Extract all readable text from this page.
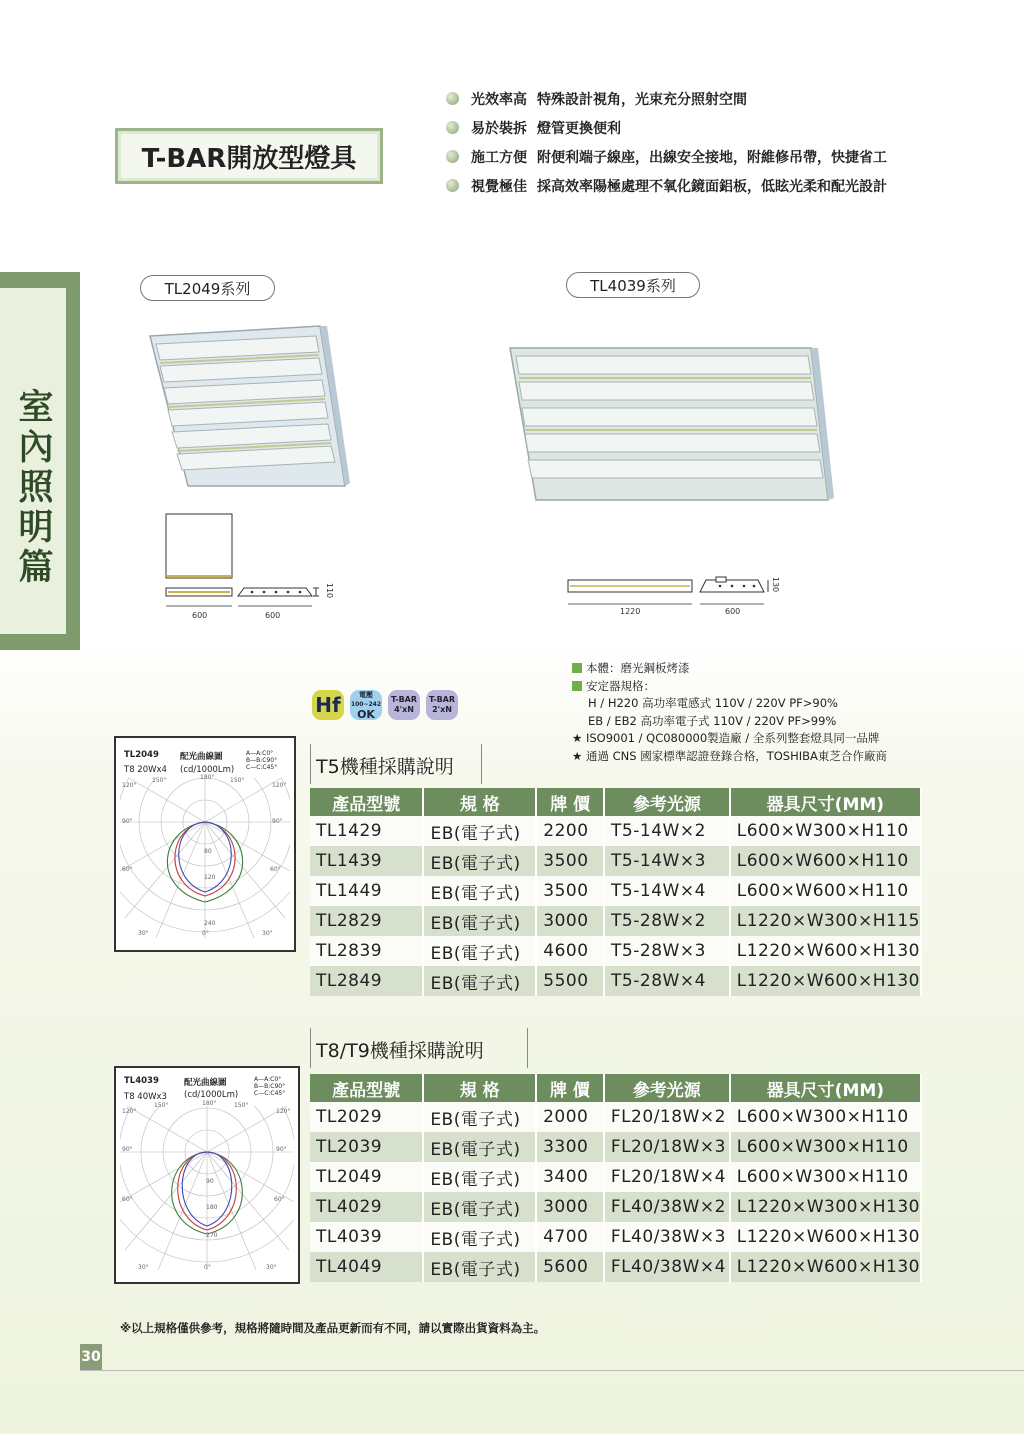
室內照明篇
T-BAR開放型燈具
光效率高 特殊設計視角，光束充分照射空間
易於裝拆 燈管更換便利
施工方便 附便利端子線座，出線安全接地，附維修吊帶，快捷省工
視覺極佳 採高效率陽極處理不氧化鏡面鋁板，低眩光柔和配光設計
TL2049系列	TL4039系列
600	600
110
1220	600
130
本體：磨光鋼板烤漆
安定器規格：
H / H220 高功率電感式 110V / 220V PF>90%
EB / EB2 高功率電子式 110V / 220V PF>99%
★ ISO9001 / QC080000製造廠 / 全系列整套燈具同一品牌
★ 通過 CNS 國家標準認證登錄合格，TOSHIBA東芝合作廠商
Hf	電壓
100~242
OK
T-BAR
4'xN
T-BAR
2'xN
T5機種採購說明
產品型號	規 格	牌 價	參考光源	器具尺寸(MM)
TL1429	EB(電子式)	2200	T5-14W×2	L600×W300×H110
TL1439	EB(電子式)	3500	T5-14W×3	L600×W600×H110
TL1449	EB(電子式)	3500	T5-14W×4	L600×W600×H110
TL2829	EB(電子式)	3000	T5-28W×2	L1220×W300×H115
TL2839	EB(電子式)	4600	T5-28W×3	L1220×W600×H130
TL2849	EB(電子式)	5500	T5-28W×4	L1220×W600×H130
T8/T9機種採購說明
產品型號	規 格	牌 價	參考光源	器具尺寸(MM)
TL2029	EB(電子式)	2000	FL20/18W×2	L600×W300×H110
TL2039	EB(電子式)	3300	FL20/18W×3	L600×W300×H110
TL2049	EB(電子式)	3400	FL20/18W×4	L600×W300×H110
TL4029	EB(電子式)	3000	FL40/38W×2	L1220×W300×H130
TL4039	EB(電子式)	4700	FL40/38W×3	L1220×W600×H130
TL4049	EB(電子式)	5600	FL40/38W×4	L1220×W600×H130
TL2049
T8 20Wx4
配光曲線圖
(cd/1000Lm)
A—A:C0°
B—B:C90°
C—C:C45°
150°	180°	150°
120°	120°
90°	90°
60°	60°
30°	0°	30°
80
120
240
TL4039
T8 40Wx3
配光曲線圖
(cd/1000Lm)
A—A:C0°
B—B:C90°
C—C:C45°
150°	180°	150°
120°	120°
90°	90°
60°	60°
30°	0°	30°
90
180
270
※以上規格僅供參考，規格將隨時間及產品更新而有不同，請以實際出貨資料為主。
30
